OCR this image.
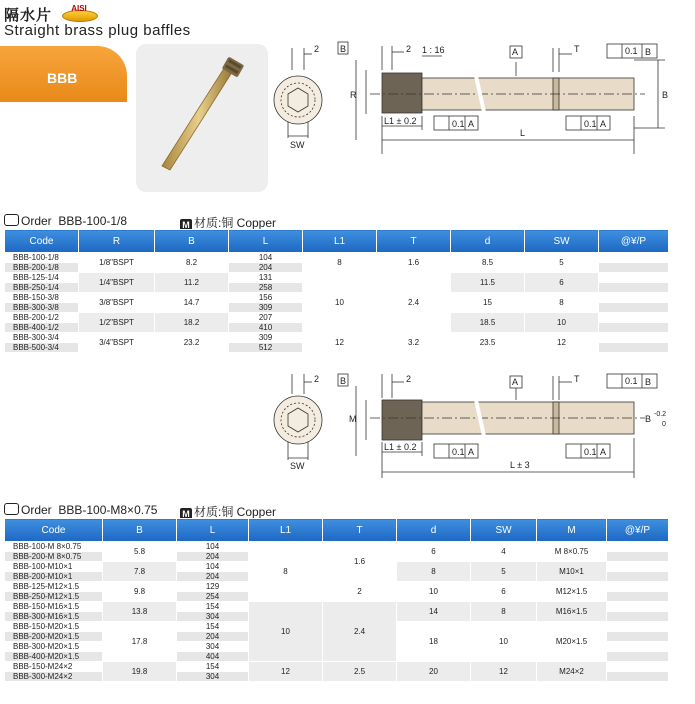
隔水片	AISI
Straight brass plug baffles
BBB
2 B	2 1 : 16	A	T	0.1 B
R
SW
L1 ± 0.2	0.1 A	0.1 A
L
B
Order BBB-100-1/8	M 材质:铜 Copper
Code	R	B	L	L1	T	d	SW	@¥/P
BBB-100-1/8	1/8"BSPT	8.2	104	8	1.6	8.5	5	
BBB-200-1/8			204					
BBB-125-1/4	1/4"BSPT	11.2	131	10	2.4	11.5	6	
BBB-250-1/4			258					
BBB-150-3/8	3/8"BSPT	14.7	156			15	8	
BBB-300-3/8			309					
BBB-200-1/2	1/2"BSPT	18.2	207			18.5	10	
BBB-400-1/2			410					
BBB-300-3/4	3/4"BSPT	23.2	309	12	3.2	23.5	12	
BBB-500-3/4			512					
2 B	2	A	T	0.1 B
M
SW
L1 ± 0.2	0.1 A	0.1 A
L ± 3
B -0.2
0
Order BBB-100-M8×0.75	M 材质:铜 Copper
Code	B	L	L1	T	d	SW	M	@¥/P
BBB-100-M 8×0.75	5.8	104	8	1.6	6	4	M 8×0.75	
BBB-200-M 8×0.75		204						
BBB-100-M10×1	7.8	104			8	5	M10×1	
BBB-200-M10×1		204						
BBB-125-M12×1.5	9.8	129		2	10	6	M12×1.5	
BBB-250-M12×1.5		254						
BBB-150-M16×1.5	13.8	154	10	2.4	14	8	M16×1.5	
BBB-300-M16×1.5		304						
BBB-150-M20×1.5	17.8	154			18	10	M20×1.5	
BBB-200-M20×1.5		204						
BBB-300-M20×1.5		304						
BBB-400-M20×1.5		404						
BBB-150-M24×2	19.8	154	12	2.5	20	12	M24×2	
BBB-300-M24×2		304						
